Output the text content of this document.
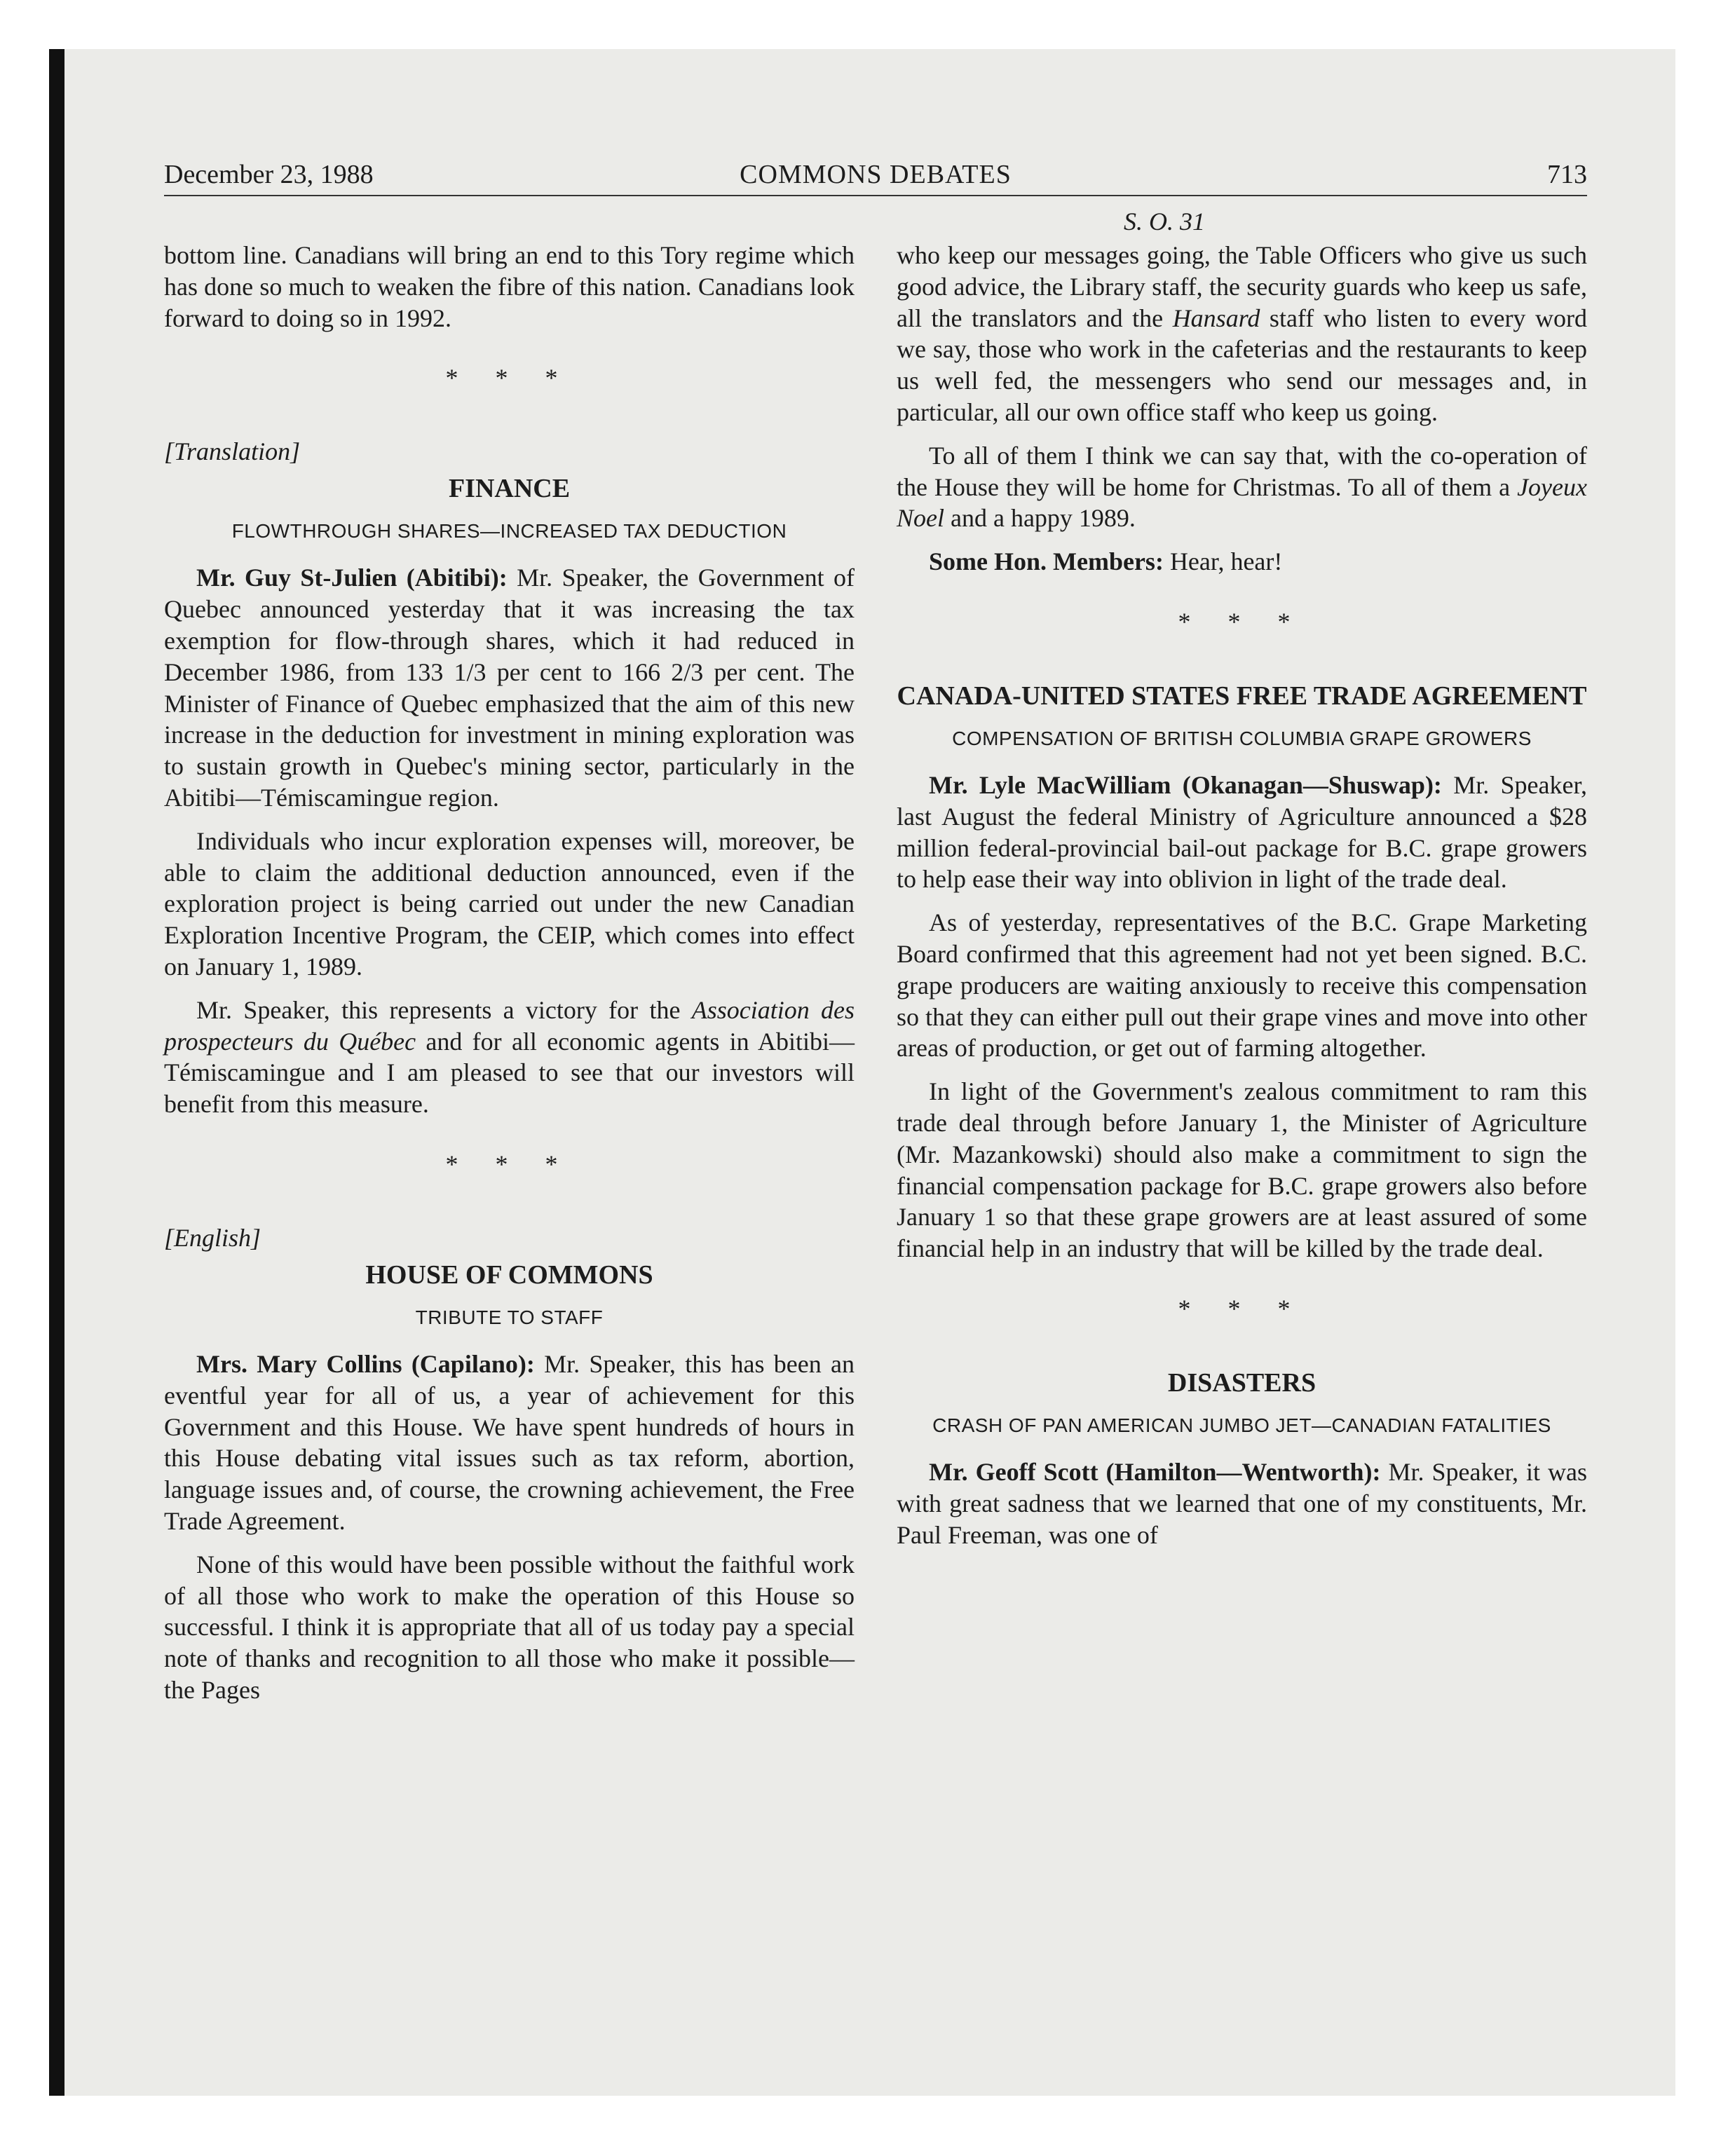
December 23, 1988	COMMONS DEBATES	713
S. O. 31

bottom line. Canadians will bring an end to this Tory regime which has done so much to weaken the fibre of this nation. Canadians look forward to doing so in 1992.

* * *
[Translation]
FINANCE
FLOWTHROUGH SHARES—INCREASED TAX DEDUCTION

Mr. Guy St-Julien (Abitibi): Mr. Speaker, the Government of Quebec announced yesterday that it was increasing the tax exemption for flow-through shares, which it had reduced in December 1986, from 133 1/3 per cent to 166 2/3 per cent. The Minister of Finance of Quebec emphasized that the aim of this new increase in the deduction for investment in mining exploration was to sustain growth in Quebec's mining sector, particularly in the Abitibi—Témiscamingue region.

Individuals who incur exploration expenses will, moreover, be able to claim the additional deduction announced, even if the exploration project is being carried out under the new Canadian Exploration Incentive Program, the CEIP, which comes into effect on January 1, 1989.

Mr. Speaker, this represents a victory for the Association des prospecteurs du Québec and for all economic agents in Abitibi—Témiscamingue and I am pleased to see that our investors will benefit from this measure.

* * *
[English]
HOUSE OF COMMONS
TRIBUTE TO STAFF

Mrs. Mary Collins (Capilano): Mr. Speaker, this has been an eventful year for all of us, a year of achievement for this Government and this House. We have spent hundreds of hours in this House debating vital issues such as tax reform, abortion, language issues and, of course, the crowning achievement, the Free Trade Agreement.

None of this would have been possible without the faithful work of all those who work to make the operation of this House so successful. I think it is appropriate that all of us today pay a special note of thanks and recognition to all those who make it possible—the Pages

who keep our messages going, the Table Officers who give us such good advice, the Library staff, the security guards who keep us safe, all the translators and the Hansard staff who listen to every word we say, those who work in the cafeterias and the restaurants to keep us well fed, the messengers who send our messages and, in particular, all our own office staff who keep us going.

To all of them I think we can say that, with the co-operation of the House they will be home for Christmas. To all of them a Joyeux Noel and a happy 1989.

Some Hon. Members: Hear, hear!

* * *
CANADA-UNITED STATES FREE TRADE AGREEMENT
COMPENSATION OF BRITISH COLUMBIA GRAPE GROWERS

Mr. Lyle MacWilliam (Okanagan—Shuswap): Mr. Speaker, last August the federal Ministry of Agriculture announced a $28 million federal-provincial bail-out package for B.C. grape growers to help ease their way into oblivion in light of the trade deal.

As of yesterday, representatives of the B.C. Grape Marketing Board confirmed that this agreement had not yet been signed. B.C. grape producers are waiting anxiously to receive this compensation so that they can either pull out their grape vines and move into other areas of production, or get out of farming altogether.

In light of the Government's zealous commitment to ram this trade deal through before January 1, the Minister of Agriculture (Mr. Mazankowski) should also make a commitment to sign the financial compensation package for B.C. grape growers also before January 1 so that these grape growers are at least assured of some financial help in an industry that will be killed by the trade deal.

* * *
DISASTERS
CRASH OF PAN AMERICAN JUMBO JET—CANADIAN FATALITIES

Mr. Geoff Scott (Hamilton—Wentworth): Mr. Speaker, it was with great sadness that we learned that one of my constituents, Mr. Paul Freeman, was one of
